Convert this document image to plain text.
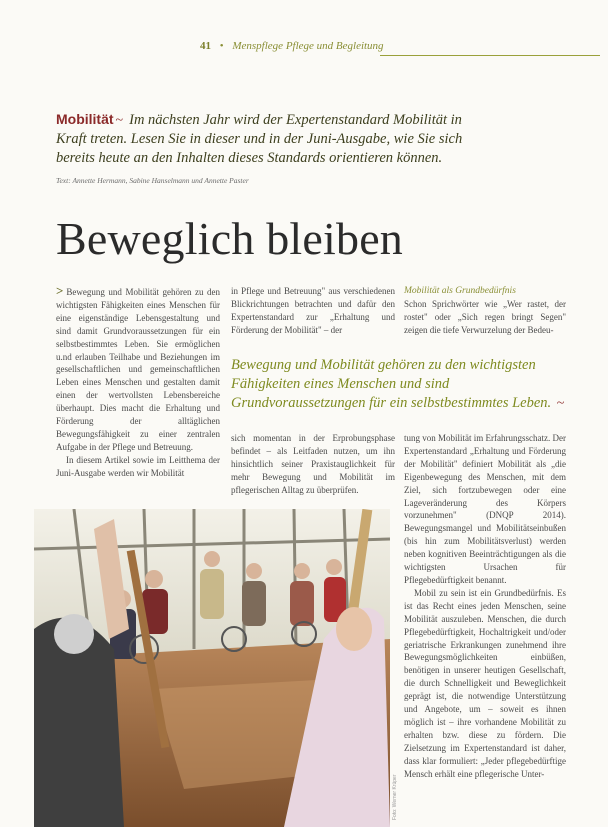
41 • Menspflege Pflege und Begleitung
Mobilität ~ Im nächsten Jahr wird der Expertenstandard Mobilität in Kraft treten. Lesen Sie in dieser und in der Juni-Ausgabe, wie Sie sich bereits heute an den Inhalten dieses Standards orientieren können.
Text: Annette Hermann, Sabine Hanselmann und Annette Paster
Beweglich bleiben

> Bewegung und Mobilität gehören zu den wichtigsten Fähigkeiten eines Menschen für eine eigenständige Lebensgestaltung und sind damit Grundvoraussetzungen für ein selbstbestimmtes Leben. Sie ermöglichen u.nd erlauben Teilhabe und Beziehungen im gesellschaftlichen und gemeinschaftlichen Leben eines Menschen und gestalten damit einen der wertvollsten Lebensbereiche überhaupt. Dies macht die Erhaltung und Förderung der alltäglichen Bewegungsfähigkeit zu einer zentralen Aufgabe in der Pflege und Betreuung.

In diesem Artikel sowie im Leitthema der Juni-Ausgabe werden wir Mobilität

in Pflege und Betreuung" aus verschiedenen Blickrichtungen betrachten und dafür den Expertenstandard zur „Erhaltung und Förderung der Mobilität" – der

Mobilität als Grundbedürfnis

Schon Sprichwörter wie „Wer rastet, der rostet" oder „Sich regen bringt Segen" zeigen die tiefe Verwurzelung der Bedeu-

Bewegung und Mobilität gehören zu den wichtigsten Fähigkeiten eines Menschen und sind Grundvoraussetzungen für ein selbstbestimmtes Leben. ~

sich momentan in der Erprobungsphase befindet – als Leitfaden nutzen, um ihn hinsichtlich seiner Praxistauglichkeit für mehr Bewegung und Mobilität im pflegerischen Alltag zu überprüfen.

tung von Mobilität im Erfahrungsschatz. Der Expertenstandard „Erhaltung und Förderung der Mobilität" definiert Mobilität als „die Eigenbewegung des Menschen, mit dem Ziel, sich fortzubewegen oder eine Lageveränderung des Körpers vorzunehmen" (DNQP 2014). Bewegungsmangel und Mobilitätseinbußen (bis hin zum Mobilitätsverlust) werden neben kognitiven Beeinträchtigungen als die wichtigsten Ursachen für Pflegebedürftigkeit benannt.

Mobil zu sein ist ein Grundbedürfnis. Es ist das Recht eines jeden Menschen, seine Mobilität auszuleben. Menschen, die durch Pflegebedürftigkeit, Hochaltrigkeit und/oder geriatrische Erkrankungen zunehmend ihre Bewegungsmöglichkeiten einbüßen, benötigen in unserer heutigen Gesellschaft, die durch Schnelligkeit und Beweglichkeit geprägt ist, die notwendige Unterstützung und Angebote, um – soweit es ihnen möglich ist – ihre vorhandene Mobilität zu erhalten bzw. diese zu fördern. Die Zielsetzung im Expertenstandard ist daher, dass klar formuliert: „Jeder pflegebedürftige Mensch erhält eine pflegerische Unter-

Foto: Werner Krüper
